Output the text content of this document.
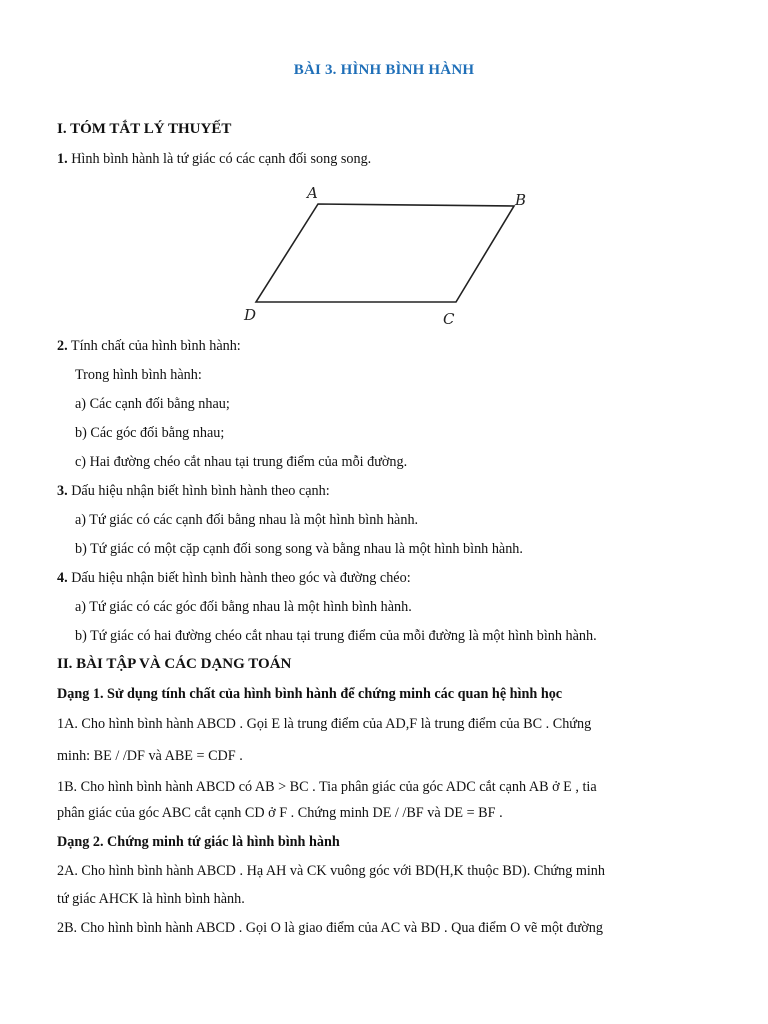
BÀI 3. HÌNH BÌNH HÀNH
I. TÓM TẮT LÝ THUYẾT
1. Hình bình hành là tứ giác có các cạnh đối song song.
A	B
C
D
2. Tính chất của hình bình hành:
Trong hình bình hành:
a) Các cạnh đối bằng nhau;
b) Các góc đối bằng nhau;
c) Hai đường chéo cắt nhau tại trung điểm của mỗi đường.
3. Dấu hiệu nhận biết hình bình hành theo cạnh:
a) Tứ giác có các cạnh đối bằng nhau là một hình bình hành.
b) Tứ giác có một cặp cạnh đối song song và bằng nhau là một hình bình hành.
4. Dấu hiệu nhận biết hình bình hành theo góc và đường chéo:
a) Tứ giác có các góc đối bằng nhau là một hình bình hành.
b) Tứ giác có hai đường chéo cắt nhau tại trung điểm của mỗi đường là một hình bình hành.
II. BÀI TẬP VÀ CÁC DẠNG TOÁN
Dạng 1. Sử dụng tính chất của hình bình hành để chứng minh các quan hệ hình học
1A. Cho hình bình hành ABCD . Gọi E là trung điểm của AD,F là trung điểm của BC . Chứng
minh: BE / /DF và ABE = CDF .
1B. Cho hình bình hành ABCD có AB > BC . Tia phân giác của góc ADC cắt cạnh AB ở E , tia
phân giác của góc ABC cắt cạnh CD ở F . Chứng minh DE / /BF và DE = BF .
Dạng 2. Chứng minh tứ giác là hình bình hành
2A. Cho hình bình hành ABCD . Hạ AH và CK vuông góc với BD(H,K thuộc BD). Chứng minh
tứ giác AHCK là hình bình hành.
2B. Cho hình bình hành ABCD . Gọi O là giao điểm của AC và BD . Qua điểm O vẽ một đường
